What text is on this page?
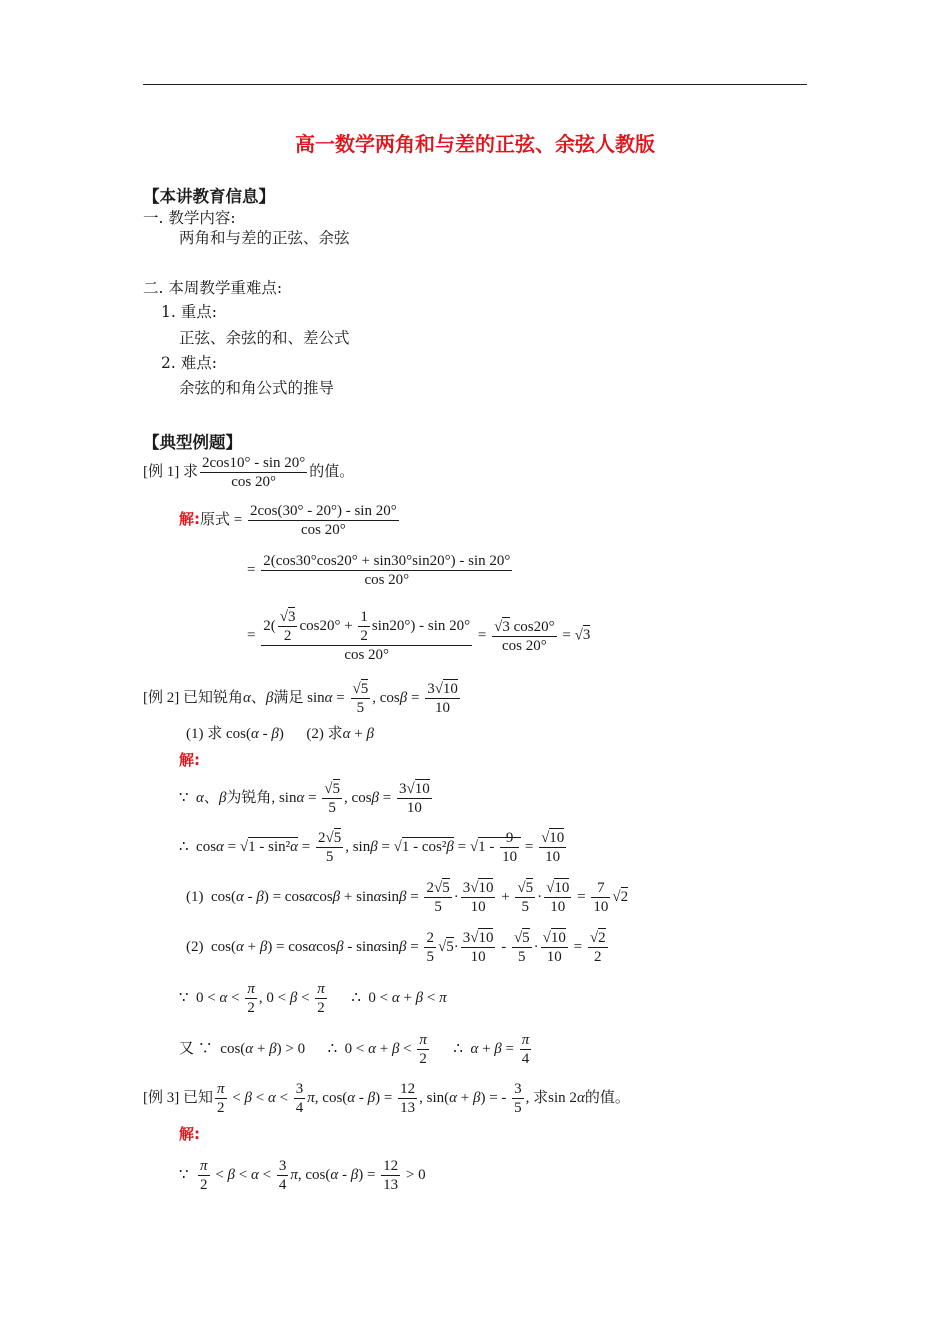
高一数学两角和与差的正弦、余弦人教版
【本讲教育信息】
一. 教学内容:
两角和与差的正弦、余弦
二. 本周教学重难点:
1. 重点:
正弦、余弦的和、差公式
2. 难点:
余弦的和角公式的推导
【典型例题】
[例 1] 求 $\frac{2\cos 10^\circ - \sin 20^\circ}{\cos 20^\circ}$ 的值。
解:原式 = $\frac{2\cos(30^\circ - 20^\circ) - \sin 20^\circ}{\cos 20^\circ}$
= $\frac{2(\cos 30^\circ\cos 20^\circ + \sin 30^\circ\sin 20^\circ) - \sin 20^\circ}{\cos 20^\circ}$
= $\frac{2( \frac{√3}{2} \cos 20^\circ + \frac{1}{2} \sin 20^\circ) - \sin 20^\circ}{\cos 20^\circ} = \frac{√3 \cos 20^\circ}{\cos 20^\circ} = √3$
[例 2] 已知锐角α、β满足 $\sin\alpha = \frac{√5}{5}$ , $\cos\beta = \frac{3√10}{10}$
(1) 求 cos(α - β)      (2) 求α + β
解:
∵ α、β为锐角, $\sin\alpha = \frac{√5}{5}$ , $\cos\beta = \frac{3√10}{10}$
∴  $\cos\alpha = √1 - \sin^2\alpha = \frac{2√5}{5}$ , $\sin\beta = √1 - \cos^2\beta = √1 - \frac{9}{10} = \frac{√10}{10}$
(1)  $\cos(\alpha - \beta) = \cos\alpha\cos\beta + \sin\alpha\sin\beta = \frac{2√5}{5} \cdot \frac{3√10}{10} + \frac{√5}{5} \cdot \frac{√10}{10} = \frac{7}{10} √2$
(2)  $\cos(\alpha + \beta) = \cos\alpha\cos\beta - \sin\alpha\sin\beta = \frac{2}{5} √5\cdot \frac{3√10}{10} - \frac{√5}{5} \cdot \frac{√10}{10} = \frac{√2}{2}$
∵  $0 < \alpha < \frac{\pi}{2}$ , $0 < \beta < \frac{\pi}{2}$ ∴  0 < α + β < π
又 ∵  cos(α + β) > 0      ∴  $0 < \alpha + \beta < \frac{\pi}{2}$ ∴ $\alpha + \beta = \frac{\pi}{4}$
[例 3] 已知 $\frac{\pi}{2} < \beta < \alpha < \frac{3}{4} \pi$, $\cos(\alpha - \beta) = \frac{12}{13}$ , sin(α + β) = - $\frac{3}{5}$ , 求sin 2α的值。
解:
∵ $\frac{\pi}{2} < \beta < \alpha < \frac{3}{4} \pi$, $\cos(\alpha - \beta) = \frac{12}{13} > 0$
